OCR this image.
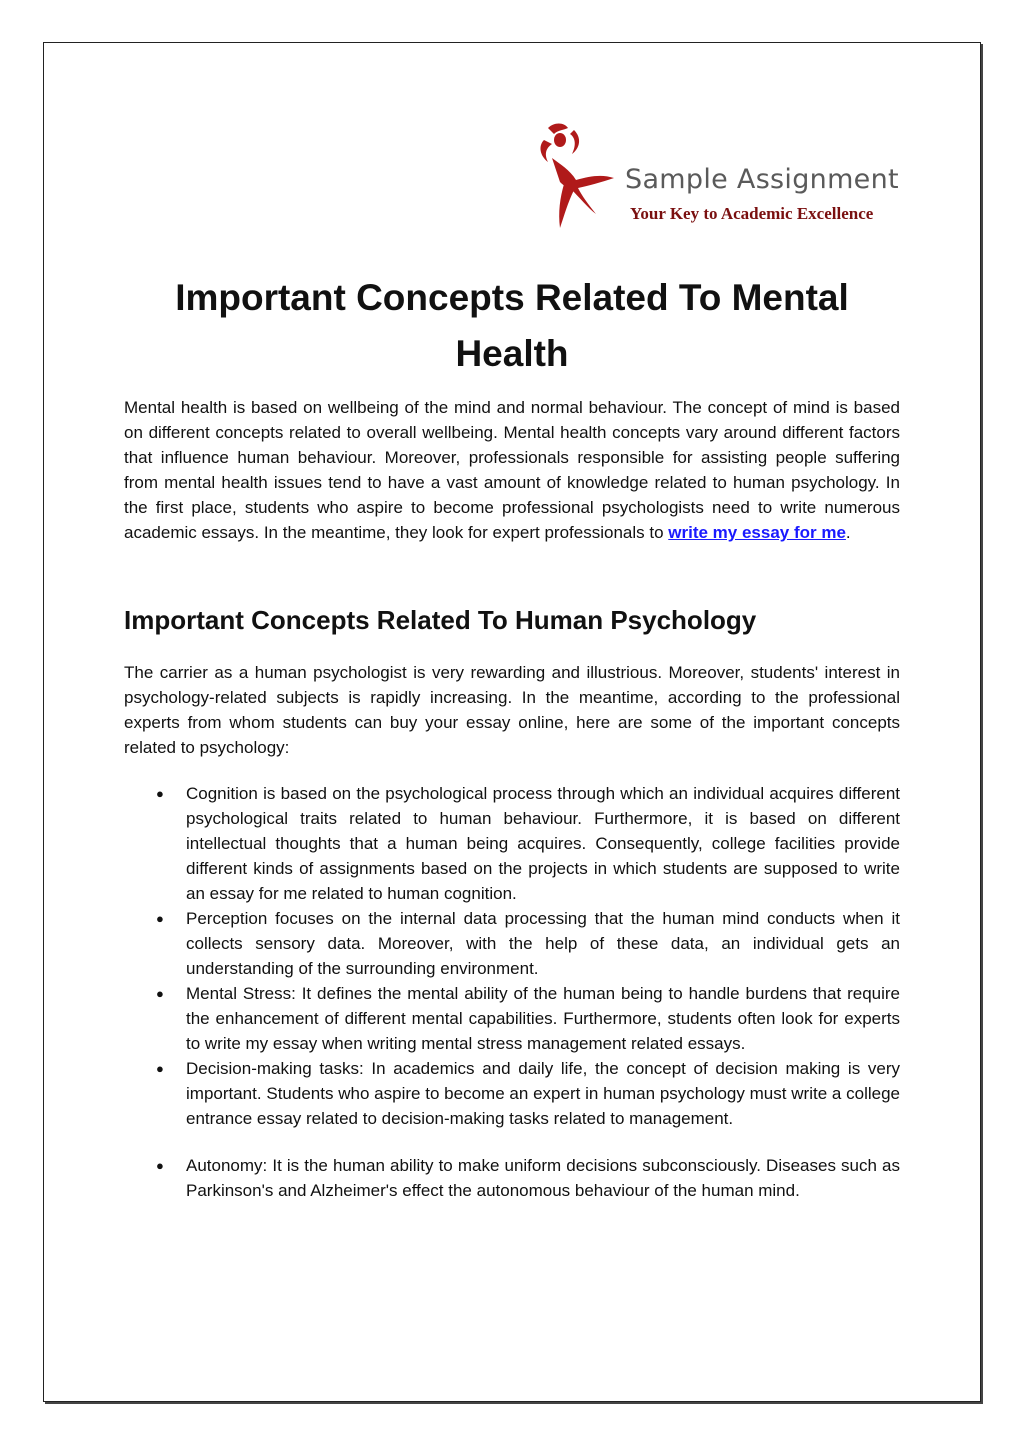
Sample Assignment
Your Key to Academic Excellence
Important Concepts Related To Mental Health

Mental health is based on wellbeing of the mind and normal behaviour. The concept of mind is based on different concepts related to overall wellbeing. Mental health concepts vary around different factors that influence human behaviour. Moreover, professionals responsible for assisting people suffering from mental health issues tend to have a vast amount of knowledge related to human psychology. In the first place, students who aspire to become professional psychologists need to write numerous academic essays. In the meantime, they look for expert professionals to write my essay for me.

Important Concepts Related To Human Psychology

The carrier as a human psychologist is very rewarding and illustrious. Moreover, students' interest in psychology-related subjects is rapidly increasing. In the meantime, according to the professional experts from whom students can buy your essay online, here are some of the important concepts related to psychology:

● Cognition is based on the psychological process through which an individual acquires different psychological traits related to human behaviour. Furthermore, it is based on different intellectual thoughts that a human being acquires. Consequently, college facilities provide different kinds of assignments based on the projects in which students are supposed to write an essay for me related to human cognition.
● Perception focuses on the internal data processing that the human mind conducts when it collects sensory data. Moreover, with the help of these data, an individual gets an understanding of the surrounding environment.
● Mental Stress: It defines the mental ability of the human being to handle burdens that require the enhancement of different mental capabilities. Furthermore, students often look for experts to write my essay when writing mental stress management related essays.
● Decision-making tasks: In academics and daily life, the concept of decision making is very important. Students who aspire to become an expert in human psychology must write a college entrance essay related to decision-making tasks related to management.
● Autonomy: It is the human ability to make uniform decisions subconsciously. Diseases such as Parkinson's and Alzheimer's effect the autonomous behaviour of the human mind.
